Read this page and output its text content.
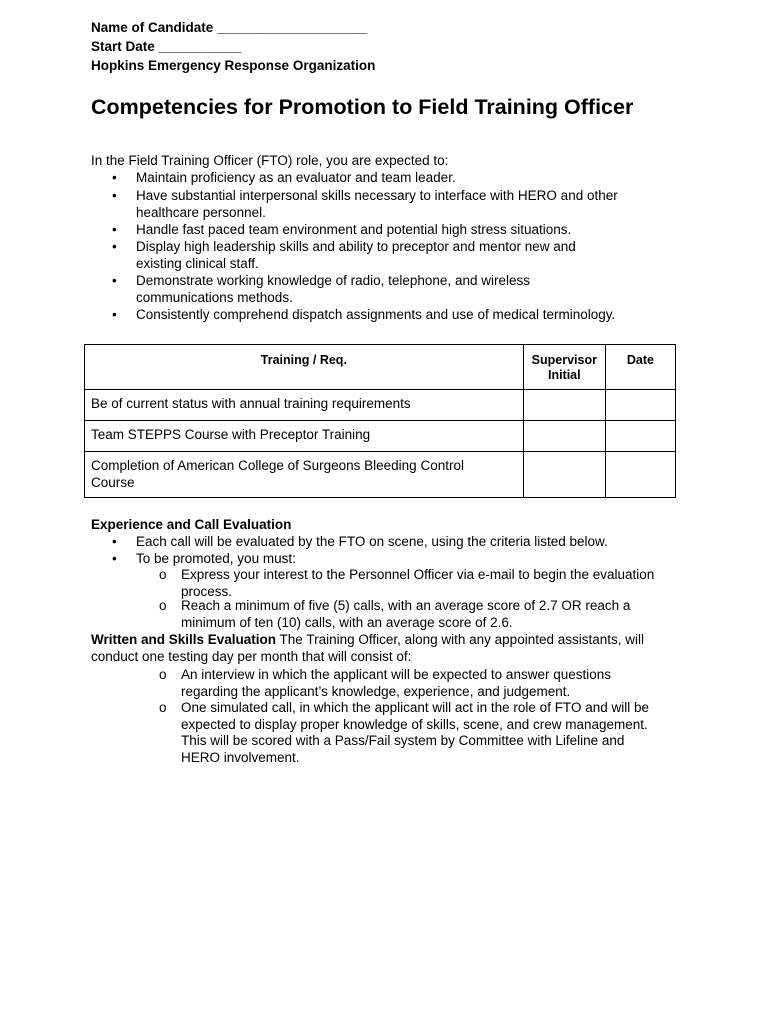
Name of Candidate ____________________
Start Date ___________
Hopkins Emergency Response Organization
Competencies for Promotion to Field Training Officer
In the Field Training Officer (FTO) role, you are expected to:
• Maintain proficiency as an evaluator and team leader.
• Have substantial interpersonal skills necessary to interface with HERO and other healthcare personnel.
• Handle fast paced team environment and potential high stress situations.
• Display high leadership skills and ability to preceptor and mentor new and existing clinical staff.
• Demonstrate working knowledge of radio, telephone, and wireless communications methods.
• Consistently comprehend dispatch assignments and use of medical terminology.
Training / Req.	Supervisor Initial	Date
Be of current status with annual training requirements		
Team STEPPS Course with Preceptor Training		
Completion of American College of Surgeons Bleeding Control Course		
Experience and Call Evaluation
• Each call will be evaluated by the FTO on scene, using the criteria listed below.
• To be promoted, you must:
o Express your interest to the Personnel Officer via e-mail to begin the evaluation process.
o Reach a minimum of five (5) calls, with an average score of 2.7 OR reach a minimum of ten (10) calls, with an average score of 2.6.
Written and Skills Evaluation The Training Officer, along with any appointed assistants, will conduct one testing day per month that will consist of:
o An interview in which the applicant will be expected to answer questions regarding the applicant’s knowledge, experience, and judgement.
o One simulated call, in which the applicant will act in the role of FTO and will be expected to display proper knowledge of skills, scene, and crew management. This will be scored with a Pass/Fail system by Committee with Lifeline and HERO involvement.
